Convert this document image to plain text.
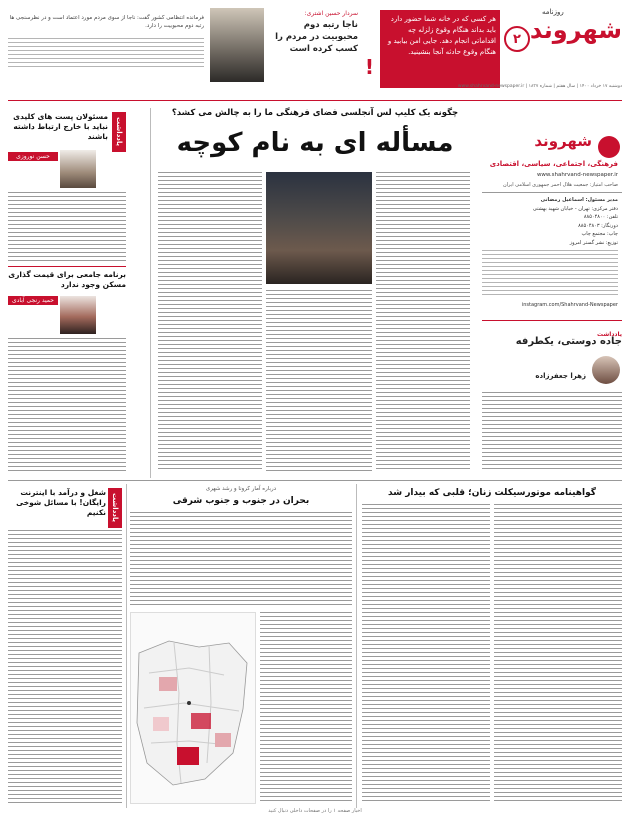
روزنامه
شهروند
۲
هر کسی که در خانه شما حضور دارد باید بداند هنگام وقوع زلزله چه اقداماتی انجام دهد. جایی امن بیابید و هنگام وقوع حادثه آنجا بنشینید.
!
سردار حسین اشتری:
ناجا رتبه دوم محبوبیت در مردم را کسب کرده است
فرمانده انتظامی کشور گفت: ناجا از سوی مردم مورد اعتماد است و در نظرسنجی ها رتبه دوم محبوبیت را دارد.
دوشنبه ۱۷ خرداد ۱۴۰۰ | سال هفتم | شماره ۱۸۳۷ | www.shahrvand-newspaper.ir
شهروند
فرهنگی، اجتماعی، سیاسی، اقتصادی
www.shahrvand-newspaper.ir
صاحب امتیاز: جمعیت هلال احمر جمهوری اسلامی ایران
مدیر مسئول: اسماعیل رمضانی
دفتر مرکزی: تهران - خیابان شهید بهشتی
تلفن: ۸۸۵۰۴۸۰۰
دورنگار: ۸۸۵۰۴۸۰۳
چاپ: مجتمع چاپ
توزیع: نشر گستر امروز
instagram.com/Shahrvand-Newspaper
چگونه یک کلیپ لس آنجلسی فضای فرهنگی ما را به چالش می کشد؟
مسأله ای به نام کوچه
یادداشت
جاده دوستی، یکطرفه
زهرا جعفرزاده
یادداشت
مسئولان پست های کلیدی نباید با خارج ارتباط داشته باشند
حسن نوروزی
برنامه جامعی برای قیمت گذاری مسکن وجود ندارد
حمید رنجی آبادی
گواهینامه موتورسیکلت زنان؛ قلبی که بیدار شد
درباره آمار کرونا و رشد شهری
بحران در جنوب و جنوب شرقی
یادداشت
شغل و درآمد با اینترنت رایگان! با مسائل شوخی نکنیم
اخبار صفحه ۱ را در صفحات داخلی دنبال کنید
